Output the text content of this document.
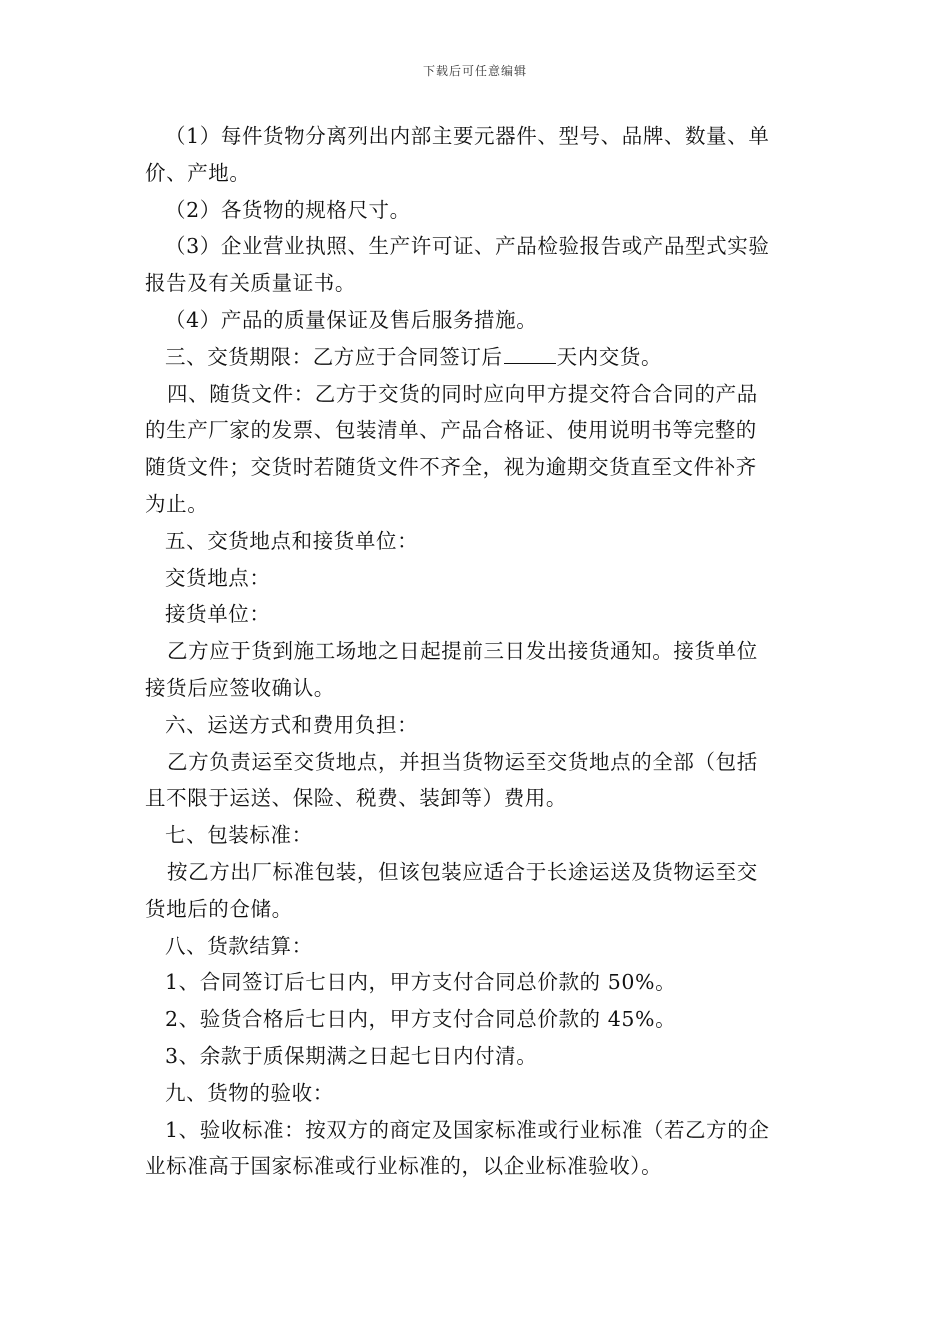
下载后可任意编辑
（1）每件货物分离列出内部主要元器件、型号、品牌、数量、单
价、产地。
（2）各货物的规格尺寸。
（3）企业营业执照、生产许可证、产品检验报告或产品型式实验
报告及有关质量证书。
（4）产品的质量保证及售后服务措施。
三、交货期限：乙方应于合同签订后	天内交货。
四、随货文件：乙方于交货的同时应向甲方提交符合合同的产品
的生产厂家的发票、包装清单、产品合格证、使用说明书等完整的
随货文件；交货时若随货文件不齐全，视为逾期交货直至文件补齐
为止。
五、交货地点和接货单位：
交货地点：
接货单位：
乙方应于货到施工场地之日起提前三日发出接货通知。接货单位
接货后应签收确认。
六、运送方式和费用负担：
乙方负责运至交货地点，并担当货物运至交货地点的全部（包括
且不限于运送、保险、税费、装卸等）费用。
七、包装标准：
按乙方出厂标准包装，但该包装应适合于长途运送及货物运至交
货地后的仓储。
八、货款结算：
1、合同签订后七日内，甲方支付合同总价款的 50%。
2、验货合格后七日内，甲方支付合同总价款的 45%。
3、余款于质保期满之日起七日内付清。
九、货物的验收：
1、验收标准：按双方的商定及国家标准或行业标准（若乙方的企
业标准高于国家标准或行业标准的，以企业标准验收）。
